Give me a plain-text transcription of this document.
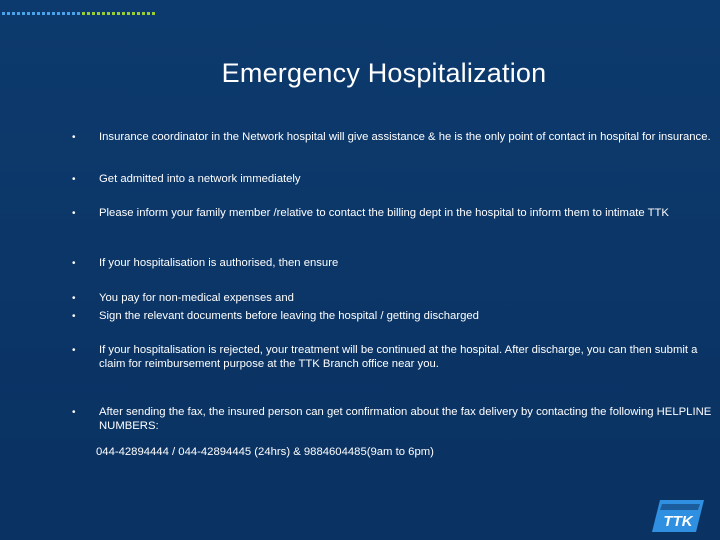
Emergency Hospitalization
•	Insurance coordinator in the Network hospital will give assistance & he is the only point of contact in hospital for insurance.
•	Get admitted into a network immediately
•	Please inform your family member /relative to contact the billing dept in the hospital to inform them to intimate TTK
•	If your hospitalisation is authorised, then ensure
•	You pay for non-medical expenses and
•	Sign the relevant documents before leaving the hospital / getting discharged
•	If your hospitalisation is rejected, your treatment will be continued at the hospital. After discharge, you can then submit a claim for reimbursement purpose at the TTK Branch office near you.
•	After sending the fax, the insured person can get confirmation about the fax delivery by contacting the following HELPLINE NUMBERS:
044-42894444 / 044-42894445 (24hrs) & 9884604485(9am to 6pm)
TTK
